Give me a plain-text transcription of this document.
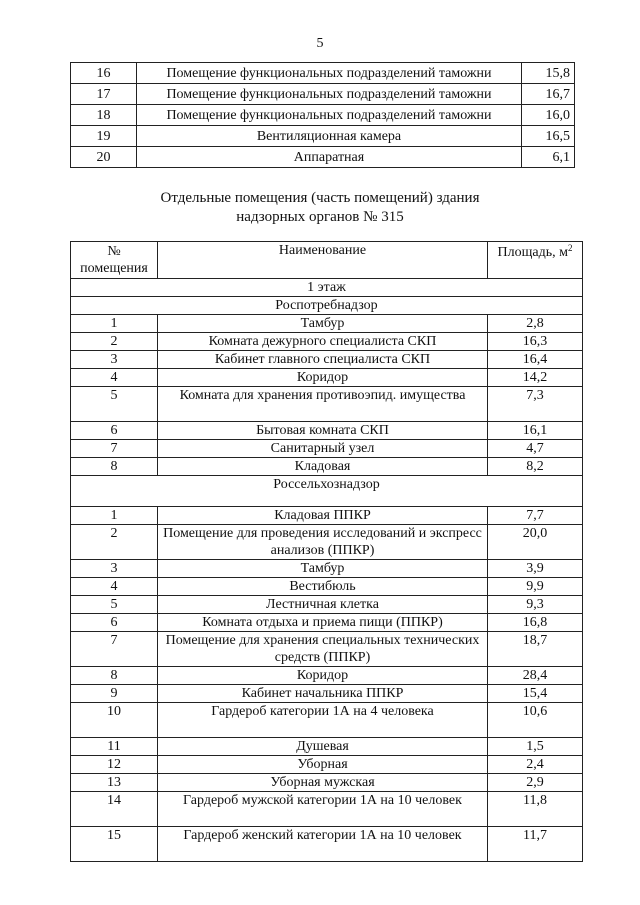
5
16	Помещение функциональных подразделений таможни	15,8
17	Помещение функциональных подразделений таможни	16,7
18	Помещение функциональных подразделений таможни	16,0
19	Вентиляционная камера	16,5
20	Аппаратная	6,1
Отдельные помещения (часть помещений) здания
надзорных органов № 315
№
помещения	Наименование	Площадь, $м^2$
1 этаж		
Роспотребнадзор		
1	Тамбур	2,8
2	Комната дежурного специалиста СКП	16,3
3	Кабинет главного специалиста СКП	16,4
4	Коридор	14,2
5	Комната для хранения противоэпид. имущества	7,3
6	Бытовая комната СКП	16,1
7	Санитарный узел	4,7
8	Кладовая	8,2
Россельхознадзор		
1	Кладовая ППКР	7,7
2	Помещение для проведения исследований и экспресс анализов (ППКР)	20,0
3	Тамбур	3,9
4	Вестибюль	9,9
5	Лестничная клетка	9,3
6	Комната отдыха и приема пищи (ППКР)	16,8
7	Помещение для хранения специальных технических средств (ППКР)	18,7
8	Коридор	28,4
9	Кабинет начальника ППКР	15,4
10	Гардероб категории 1А на 4 человека	10,6
11	Душевая	1,5
12	Уборная	2,4
13	Уборная мужская	2,9
14	Гардероб мужской категории 1А на 10 человек	11,8
15	Гардероб женский категории 1А на 10 человек	11,7
